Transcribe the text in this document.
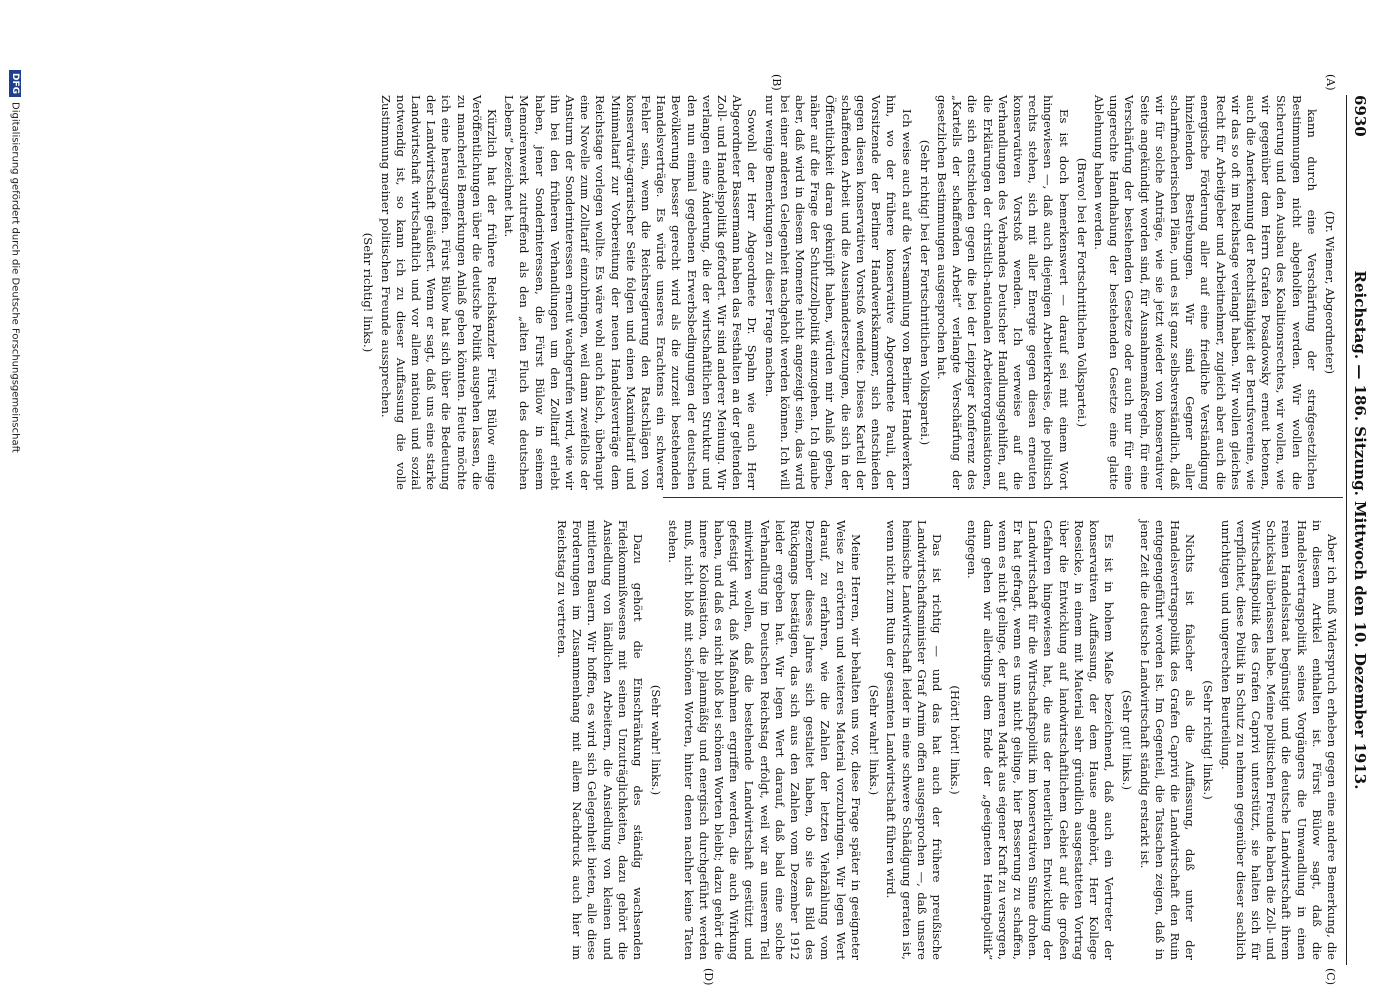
6930
Reichstag. — 186. Sitzung. Mittwoch den 10. Dezember 1913.
(A)
(B)
(C)
(D)

(Dr. Wiemer, Abgeordneter)

kann durch eine Verschärfung der strafgesetzlichen Bestimmungen nicht abgeholfen werden. Wir wollen die Sicherung und den Ausbau des Koalitionsrechtes, wir wollen, wie wir gegenüber dem Herrn Grafen Posadowsky erneut betonen, auch die Anerkennung der Rechtsfähigkeit der Berufsvereine, wie wir das so oft im Reichstage verlangt haben. Wir wollen gleiches Recht für Arbeitgeber und Arbeitnehmer, zugleich aber auch die energische Förderung aller auf eine friedliche Verständigung hinzielenden Bestrebungen. Wir sind Gegner aller scharfmacherischen Pläne, und es ist ganz selbstverständlich, daß wir für solche Anträge, wie sie jetzt wieder von konservativer Seite angekündigt worden sind, für Ausnahmemaßregeln, für eine Verschärfung der bestehenden Gesetze oder auch nur für eine ungerechte Handhabung der bestehenden Gesetze eine glatte Ablehnung haben werden.

(Bravo! bei der Fortschrittlichen Volkspartei.)

Es ist doch bemerkenswert — darauf sei mit einem Wort hingewiesen —, daß auch diejenigen Arbeiterkreise, die politisch rechts stehen, sich mit aller Energie gegen diesen erneuten konservativen Vorstoß wenden. Ich verweise auf die Verhandlungen des Verbandes Deutscher Handlungsgehilfen, auf die Erklärungen der christlich-nationalen Arbeiterorganisationen, die sich entschieden gegen die bei der Leipziger Konferenz des „Kartells der schaffenden Arbeit“ verlangte Verschärfung der gesetzlichen Bestimmungen ausgesprochen hat.

(Sehr richtig! bei der Fortschrittlichen Volkspartei.)

Ich weise auch auf die Versammlung von Berliner Handwerkern hin, wo der frühere konservative Abgeordnete Pauli, der Vorsitzende der Berliner Handwerkskammer, sich entschieden gegen diesen konservativen Vorstoß wendete. Dieses Kartell der schaffenden Arbeit und die Auseinandersetzungen, die sich in der Öffentlichkeit daran geknüpft haben, würden mir Anlaß geben, näher auf die Frage der Schutzzollpolitik einzugehen. Ich glaube aber, daß wird in diesem Momente nicht angezeigt sein, das wird bei einer anderen Gelegenheit nachgeholt werden können. Ich will nur wenige Bemerkungen zu dieser Frage machen.

Sowohl der Herr Abgeordnete Dr. Spahn wie auch Herr Abgeordneter Bassermann haben das Festhalten an der geltenden Zoll- und Handelspolitik gefordert. Wir sind anderer Meinung. Wir verlangen eine Änderung, die der wirtschaftlichen Struktur und den nun einmal gegebenen Erwerbsbedingungen der deutschen Bevölkerung besser gerecht wird als die zurzeit bestehenden Handelsverträge. Es würde unseres Erachtens ein schwerer Fehler sein, wenn die Reichsregierung den Ratschlägen von konservativ-agrarischer Seite folgen und einen Maximaltarif und Minimaltarif zur Vorbereitung der neuen Handelsverträge dem Reichstage vorlegen wollte. Es wäre wohl auch falsch, überhaupt eine Novelle zum Zolltarif einzubringen, weil dann zweifellos der Ansturm der Sonderinteressen erneut wachgerufen wird, wie wir ihn bei den früheren Verhandlungen um den Zolltarif erlebt haben, jener Sonderinteressen, die Fürst Bülow in seinem Memoirenwerk zutreffend als den „alten Fluch des deutschen Lebens“ bezeichnet hat.

Kürzlich hat der frühere Reichskanzler Fürst Bülow einige Veröffentlichungen über die deutsche Politik ausgehen lassen, die zu mancherlei Bemerkungen Anlaß geben könnten. Heute möchte ich eine herausgreifen. Fürst Bülow hat sich über die Bedeutung der Landwirtschaft geäußert. Wenn er sagt, daß uns eine starke Landwirtschaft wirtschaftlich und vor allem national und sozial notwendig ist, so kann ich zu dieser Auffassung die volle Zustimmung meiner politischen Freunde aussprechen.

(Sehr richtig! links.)

Aber ich muß Widerspruch erheben gegen eine andere Bemerkung, die in diesem Artikel enthalten ist. Fürst Bülow sagt, daß die Handelsvertragspolitik seines Vorgängers die Umwandlung in einen reinen Handelsstaat begünstigt und die deutsche Landwirtschaft ihrem Schicksal überlassen habe. Meine politischen Freunde haben die Zoll- und Wirtschaftspolitik des Grafen Caprivi unterstützt, sie halten sich für verpflichtet, diese Politik in Schutz zu nehmen gegenüber dieser sachlich unrichtigen und ungerechten Beurteilung.

(Sehr richtig! links.)

Nichts ist falscher als die Auffassung, daß unter der Handelsvertragspolitik des Grafen Caprivi die Landwirtschaft den Ruin entgegengeführt worden ist. Im Gegenteil, die Tatsachen zeigen, daß in jener Zeit die deutsche Landwirtschaft ständig erstarkt ist.

(Sehr gut! links.)

Es ist in hohem Maße bezeichnend, daß auch ein Vertreter der konservativen Auffassung, der dem Hause angehört, Herr Kollege Roesicke, in einem mit Material sehr gründlich ausgestatteten Vortrag über die Entwicklung auf landwirtschaftlichem Gebiet auf die großen Gefahren hingewiesen hat, die aus der neuerlichen Entwicklung der Landwirtschaft für die Wirtschaftspolitik im konservativen Sinne drohen. Er hat gefragt, wenn es uns nicht gelinge, hier Besserung zu schaffen, wenn es nicht gelinge, der inneren Markt aus eigener Kraft zu versorgen, dann gehen wir allerdings dem Ende der „geeigneten Heimatpolitik“ entgegen.

(Hört! hört! links.)

Das ist richtig — und das hat auch der frühere preußische Landwirtschaftsminister Graf Arnim offen ausgesprochen —, daß unsere heimische Landwirtschaft leider in eine schwere Schädigung geraten ist, wenn nicht zum Ruin der gesamten Landwirtschaft führen wird.

(Sehr wahr! links.)

Meine Herren, wir behalten uns vor, diese Frage später in geeigneter Weise zu erörtern und weiteres Material vorzubringen. Wir legen Wert darauf, zu erfahren, wie die Zahlen der letzten Viehzählung vom Dezember dieses Jahres sich gestaltet haben, ob sie das Bild des Rückgangs bestätigen, das sich aus den Zahlen vom Dezember 1912 leider ergeben hat. Wir legen Wert darauf, daß bald eine solche Verhandlung im Deutschen Reichstag erfolgt, weil wir an unserem Teil mitwirken wollen, daß die bestehende Landwirtschaft gestützt und gefestigt wird, daß Maßnahmen ergriffen werden, die auch Wirkung haben, und daß es nicht bloß bei schönen Worten bleibt; dazu gehört die innere Kolonisation, die planmäßig und energisch durchgeführt werden muß, nicht bloß mit schönen Worten, hinter denen nachher keine Taten stehen.

(Sehr wahr! links.)

Dazu gehört die Einschränkung des ständig wachsenden Fideikommißwesens mit seinen Unzuträglichkeiten, dazu gehört die Ansiedlung von ländlichen Arbeitern, die Ansiedlung von kleinen und mittleren Bauern. Wir hoffen, es wird sich Gelegenheit bieten, alle diese Forderungen im Zusammenhang mit allem Nachdruck auch hier im Reichstag zu vertreten.

DFGDigitalisierung gefördert durch die Deutsche Forschungsgemeinschaft
